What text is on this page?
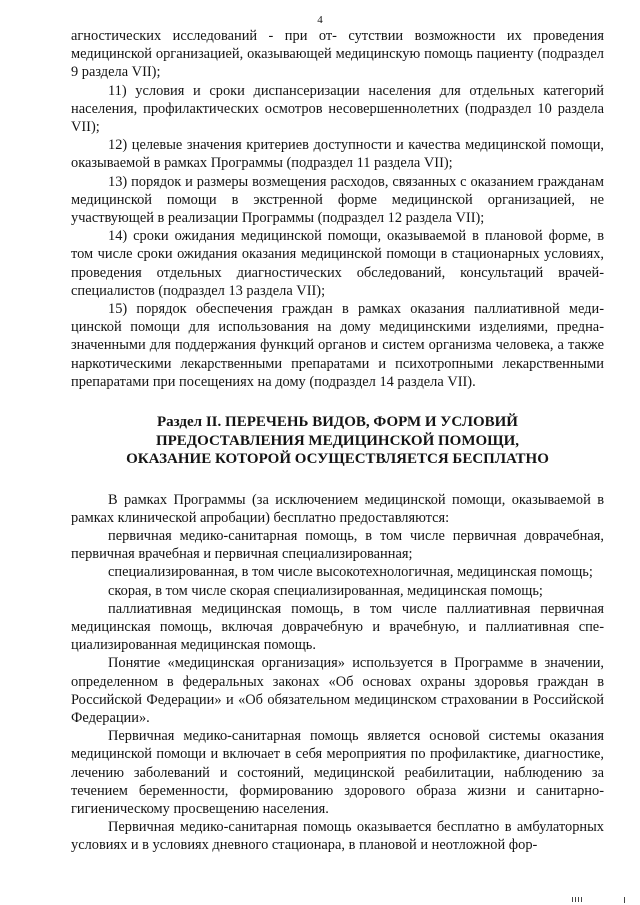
4

агностических исследований - при от- сутствии возможности их проведения медицинской организацией, оказывающей медицинскую помощь пациенту (подраздел 9 раздела VII);

11) условия и сроки диспансеризации населения для отдельных категорий населения, профилактических осмотров несовершеннолетних (подраздел 10 раздела VII);

12) целевые значения критериев доступности и качества медицинской помощи, оказываемой в рамках Программы (подраздел 11 раздела VII);

13) порядок и размеры возмещения расходов, связанных с оказанием гражданам медицинской помощи в экстренной форме медицинской организацией, не участвующей в реализации Программы (подраздел 12 раздела VII);

14) сроки ожидания медицинской помощи, оказываемой в плановой форме, в том числе сроки ожидания оказания медицинской помощи в стационарных условиях, проведения отдельных диагностических обследований, консультаций врачей-специалистов (подраздел 13 раздела VII);

15) порядок обеспечения граждан в рамках оказания паллиативной медицинской помощи для использования на дому медицинскими изделиями, предназначенными для поддержания функций органов и систем организма человека, а также наркотическими лекарственными препаратами и психотропными лекарственными препаратами при посещениях на дому (подраздел 14 раздела VII).

Раздел II. ПЕРЕЧЕНЬ ВИДОВ, ФОРМ И УСЛОВИЙ
ПРЕДОСТАВЛЕНИЯ МЕДИЦИНСКОЙ ПОМОЩИ,
ОКАЗАНИЕ КОТОРОЙ ОСУЩЕСТВЛЯЕТСЯ БЕСПЛАТНО

В рамках Программы (за исключением медицинской помощи, оказываемой в рамках клинической апробации) бесплатно предоставляются:

первичная медико-санитарная помощь, в том числе первичная доврачебная, первичная врачебная и первичная специализированная;

специализированная, в том числе высокотехнологичная, медицинская помощь;

скорая, в том числе скорая специализированная, медицинская помощь;

паллиативная медицинская помощь, в том числе паллиативная первичная медицинская помощь, включая доврачебную и врачебную, и паллиативная специализированная медицинская помощь.

Понятие «медицинская организация» используется в Программе в значении, определенном в федеральных законах «Об основах охраны здоровья граждан в Российской Федерации» и «Об обязательном медицинском страховании в Российской Федерации».

Первичная медико-санитарная помощь является основой системы оказания медицинской помощи и включает в себя мероприятия по профилактике, диагностике, лечению заболеваний и состояний, медицинской реабилитации, наблюдению за течением беременности, формированию здорового образа жизни и санитарно-гигиеническому просвещению населения.

Первичная медико-санитарная помощь оказывается бесплатно в амбулаторных условиях и в условиях дневного стационара, в плановой и неотложной фор-
